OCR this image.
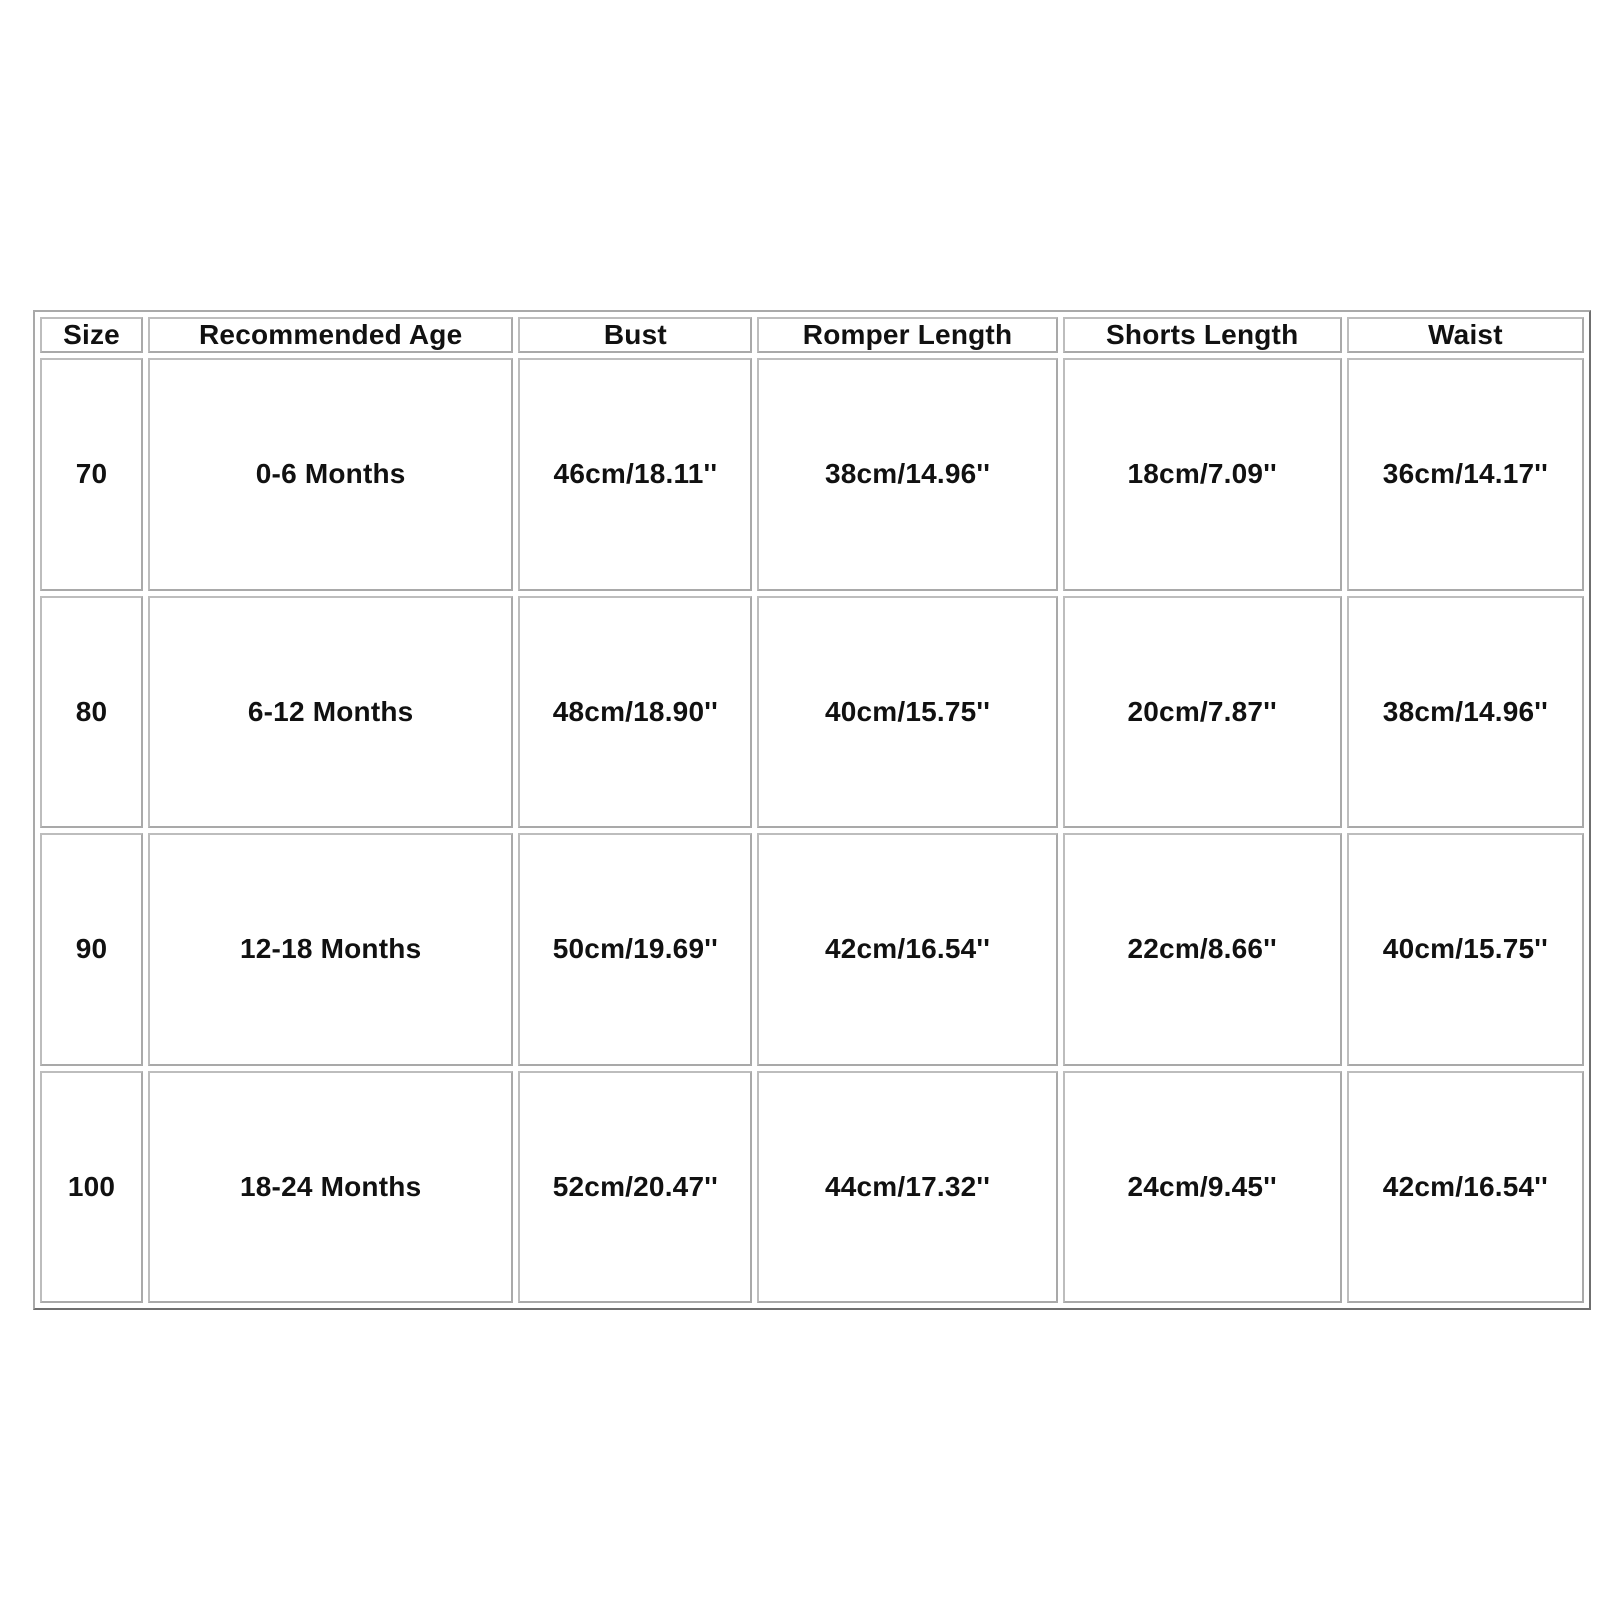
Size	Recommended Age	Bust	Romper Length	Shorts Length	Waist
70	0-6 Months	46cm/18.11''	38cm/14.96''	18cm/7.09''	36cm/14.17''
80	6-12 Months	48cm/18.90''	40cm/15.75''	20cm/7.87''	38cm/14.96''
90	12-18 Months	50cm/19.69''	42cm/16.54''	22cm/8.66''	40cm/15.75''
100	18-24 Months	52cm/20.47''	44cm/17.32''	24cm/9.45''	42cm/16.54''
